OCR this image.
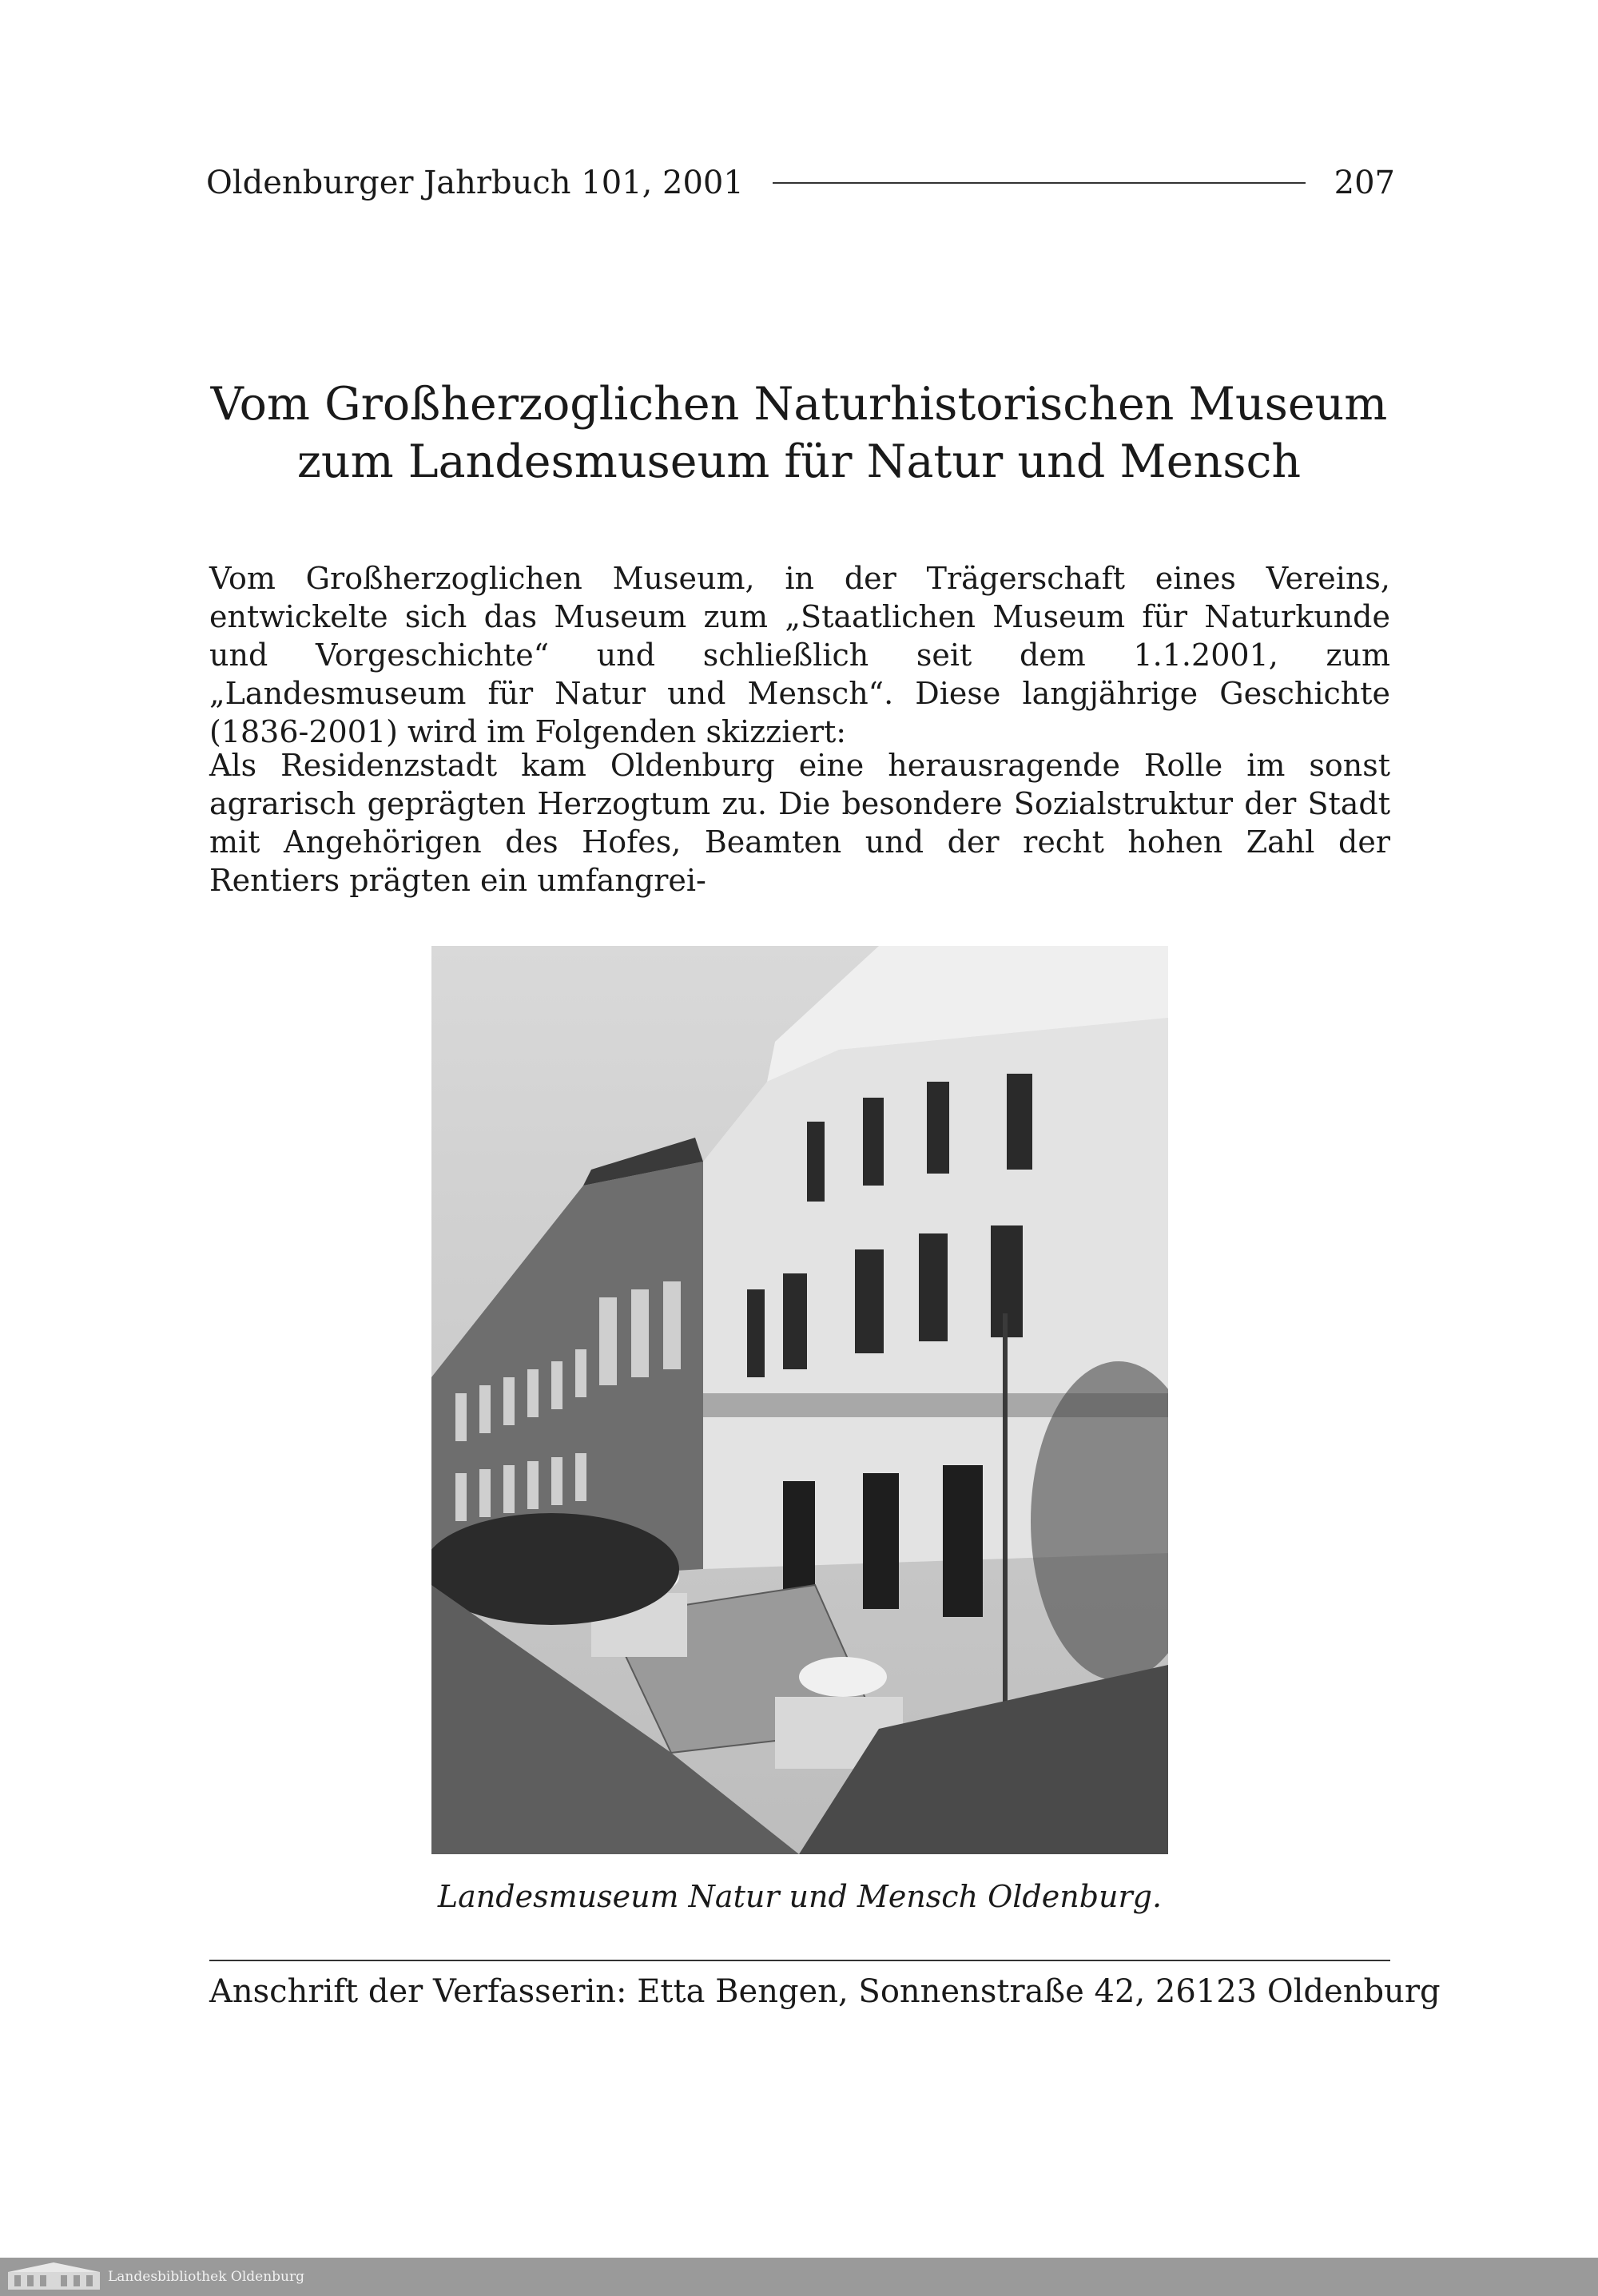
Oldenburger Jahrbuch 101, 2001	207
Vom Großherzoglichen Naturhistorischen Museum
zum Landesmuseum für Natur und Mensch

Vom Großherzoglichen Museum, in der Trägerschaft eines Vereins, entwickelte sich das Museum zum „Staatlichen Museum für Naturkunde und Vorgeschichte“ und schließlich seit dem 1.1.2001, zum „Landesmuseum für Natur und Mensch“. Diese langjährige Geschichte (1836-2001) wird im Folgenden skizziert:

Als Residenzstadt kam Oldenburg eine herausragende Rolle im sonst agrarisch geprägten Herzogtum zu. Die besondere Sozialstruktur der Stadt mit Angehörigen des Hofes, Beamten und der recht hohen Zahl der Rentiers prägten ein umfangrei-

Landesmuseum Natur und Mensch Oldenburg.

Anschrift der Verfasserin: Etta Bengen, Sonnenstraße 42, 26123 Oldenburg

Landesbibliothek Oldenburg
